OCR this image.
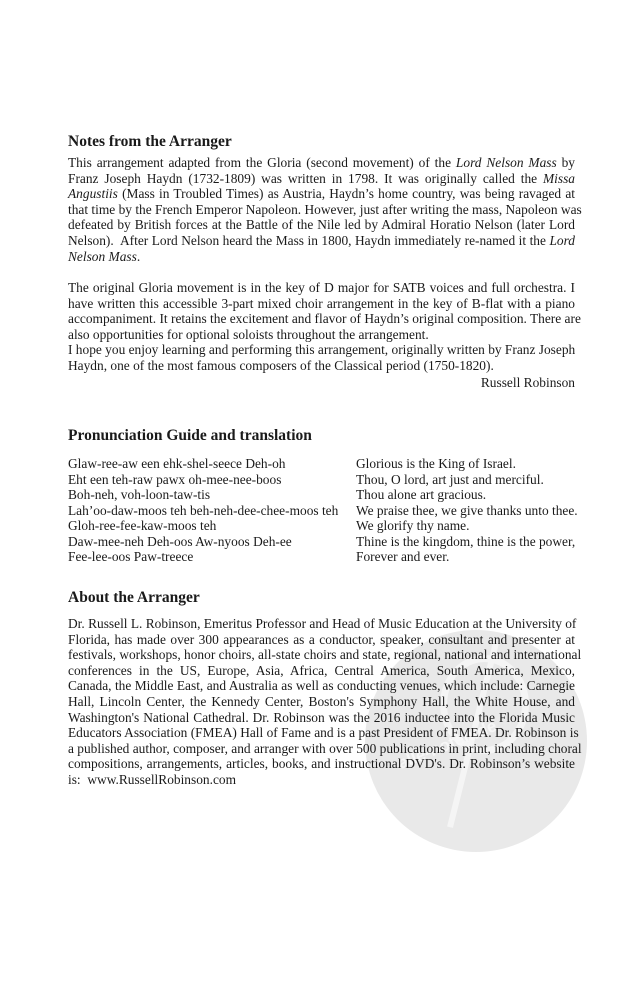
Notes from the Arranger
This arrangement adapted from the Gloria (second movement) of the Lord Nelson Mass by
Franz Joseph Haydn (1732-1809) was written in 1798. It was originally called the Missa
Angustiis (Mass in Troubled Times) as Austria, Haydn’s home country, was being ravaged at
that time by the French Emperor Napoleon. However, just after writing the mass, Napoleon was
defeated by British forces at the Battle of the Nile led by Admiral Horatio Nelson (later Lord
Nelson).  After Lord Nelson heard the Mass in 1800, Haydn immediately re-named it the Lord
Nelson Mass.
The original Gloria movement is in the key of D major for SATB voices and full orchestra. I
have written this accessible 3-part mixed choir arrangement in the key of B-flat with a piano
accompaniment. It retains the excitement and flavor of Haydn’s original composition. There are
also opportunities for optional soloists throughout the arrangement.
I hope you enjoy learning and performing this arrangement, originally written by Franz Joseph
Haydn, one of the most famous composers of the Classical period (1750-1820).
Russell Robinson
Pronunciation Guide and translation
Glaw-ree-aw een ehk-shel-seece Deh-oh	Glorious is the King of Israel.
Eht een teh-raw pawx oh-mee-nee-boos	Thou, O lord, art just and merciful.
Boh-neh, voh-loon-taw-tis	Thou alone art gracious.
Lah’oo-daw-moos teh beh-neh-dee-chee-moos teh	We praise thee, we give thanks unto thee.
Gloh-ree-fee-kaw-moos teh	We glorify thy name.
Daw-mee-neh Deh-oos Aw-nyoos Deh-ee	Thine is the kingdom, thine is the power,
Fee-lee-oos Paw-treece	Forever and ever.
About the Arranger
Dr. Russell L. Robinson, Emeritus Professor and Head of Music Education at the University of
Florida, has made over 300 appearances as a conductor, speaker, consultant and presenter at
festivals, workshops, honor choirs, all-state choirs and state, regional, national and international
conferences in the US, Europe, Asia, Africa, Central America, South America, Mexico,
Canada, the Middle East, and Australia as well as conducting venues, which include: Carnegie
Hall, Lincoln Center, the Kennedy Center, Boston's Symphony Hall, the White House, and
Washington's National Cathedral. Dr. Robinson was the 2016 inductee into the Florida Music
Educators Association (FMEA) Hall of Fame and is a past President of FMEA. Dr. Robinson is
a published author, composer, and arranger with over 500 publications in print, including choral
compositions, arrangements, articles, books, and instructional DVD's. Dr. Robinson’s website
is:  www.RussellRobinson.com
alle-noten.de
